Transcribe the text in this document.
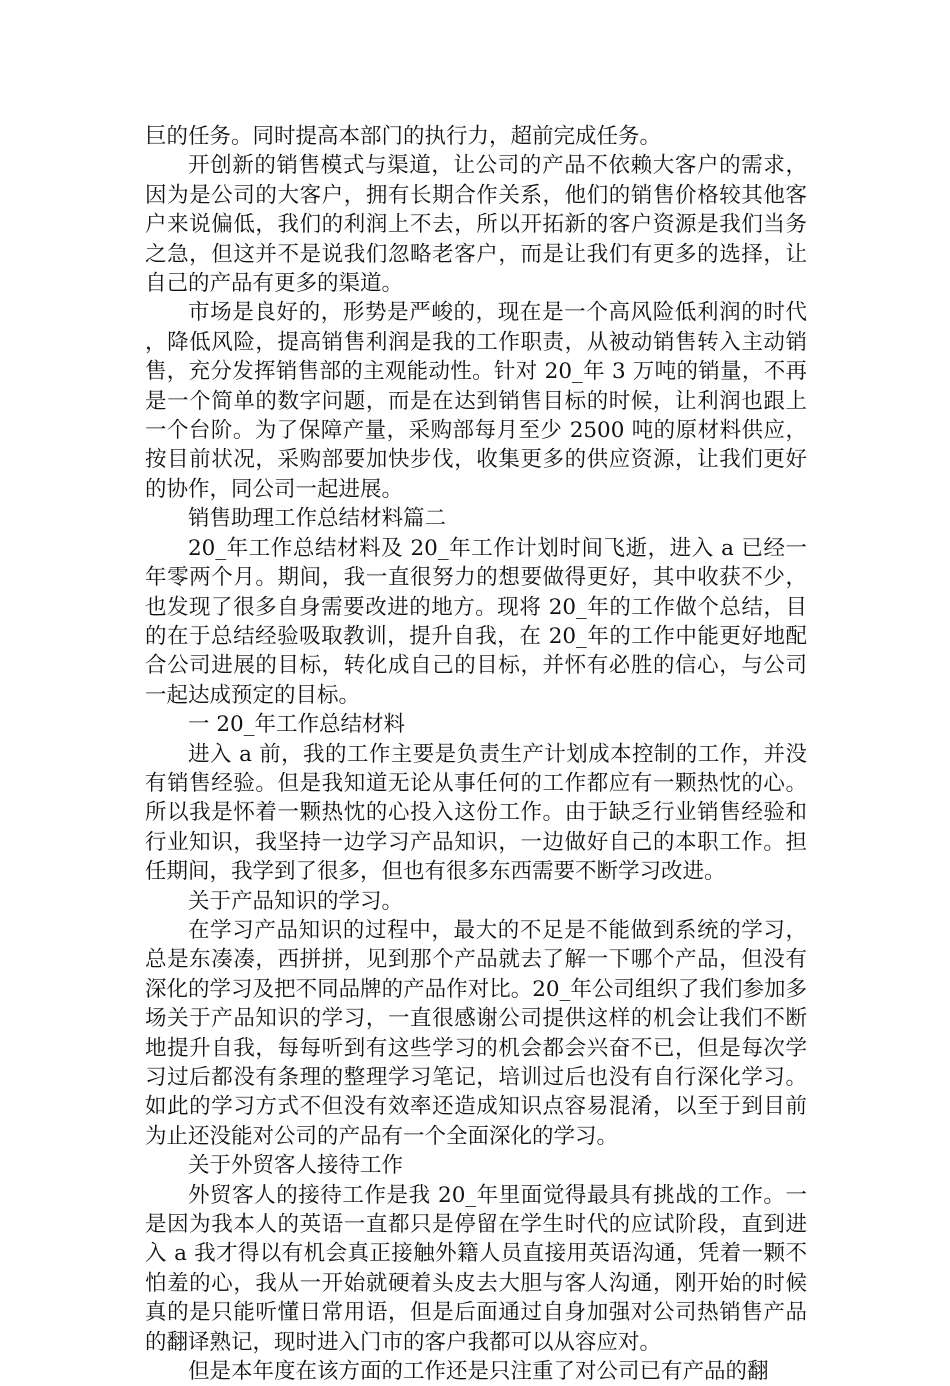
巨的任务。同时提高本部门的执行力，超前完成任务。

开创新的销售模式与渠道，让公司的产品不依赖大客户的需求，因为是公司的大客户，拥有长期合作关系，他们的销售价格较其他客户来说偏低，我们的利润上不去，所以开拓新的客户资源是我们当务之急，但这并不是说我们忽略老客户，而是让我们有更多的选择，让自己的产品有更多的渠道。

市场是良好的，形势是严峻的，现在是一个高风险低利润的时代，降低风险，提高销售利润是我的工作职责，从被动销售转入主动销售，充分发挥销售部的主观能动性。针对 20_年 3 万吨的销量，不再是一个简单的数字问题，而是在达到销售目标的时候，让利润也跟上一个台阶。为了保障产量，采购部每月至少 2500 吨的原材料供应，按目前状况，采购部要加快步伐，收集更多的供应资源，让我们更好的协作，同公司一起进展。

销售助理工作总结材料篇二

20_年工作总结材料及 20_年工作计划时间飞逝，进入 a 已经一年零两个月。期间，我一直很努力的想要做得更好，其中收获不少，也发现了很多自身需要改进的地方。现将 20_年的工作做个总结，目的在于总结经验吸取教训，提升自我，在 20_年的工作中能更好地配合公司进展的目标，转化成自己的目标，并怀有必胜的信心，与公司一起达成预定的目标。

一 20_年工作总结材料

进入 a 前，我的工作主要是负责生产计划成本控制的工作，并没有销售经验。但是我知道无论从事任何的工作都应有一颗热忱的心。所以我是怀着一颗热忱的心投入这份工作。由于缺乏行业销售经验和行业知识，我坚持一边学习产品知识，一边做好自己的本职工作。担任期间，我学到了很多，但也有很多东西需要不断学习改进。

关于产品知识的学习。

在学习产品知识的过程中，最大的不足是不能做到系统的学习，总是东凑凑，西拼拼，见到那个产品就去了解一下哪个产品，但没有深化的学习及把不同品牌的产品作对比。20_年公司组织了我们参加多场关于产品知识的学习，一直很感谢公司提供这样的机会让我们不断地提升自我，每每听到有这些学习的机会都会兴奋不已，但是每次学习过后都没有条理的整理学习笔记，培训过后也没有自行深化学习。如此的学习方式不但没有效率还造成知识点容易混淆，以至于到目前为止还没能对公司的产品有一个全面深化的学习。

关于外贸客人接待工作

外贸客人的接待工作是我 20_年里面觉得最具有挑战的工作。一是因为我本人的英语一直都只是停留在学生时代的应试阶段，直到进入 a 我才得以有机会真正接触外籍人员直接用英语沟通，凭着一颗不怕羞的心，我从一开始就硬着头皮去大胆与客人沟通，刚开始的时候真的是只能听懂日常用语，但是后面通过自身加强对公司热销售产品的翻译熟记，现时进入门市的客户我都可以从容应对。

但是本年度在该方面的工作还是只注重了对公司已有产品的翻
